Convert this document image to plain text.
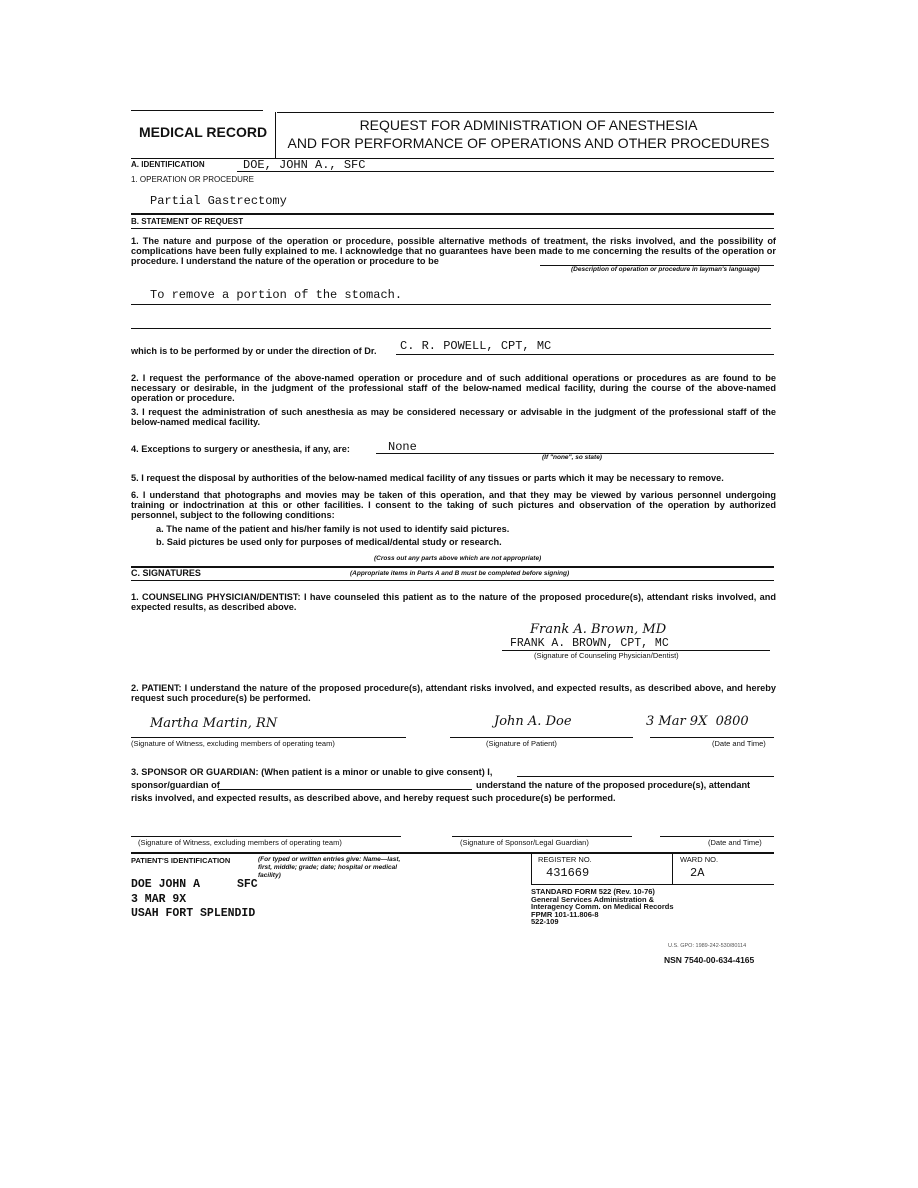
MEDICAL RECORD	REQUEST FOR ADMINISTRATION OF ANESTHESIA
AND FOR PERFORMANCE OF OPERATIONS AND OTHER PROCEDURES
A. IDENTIFICATION	DOE, JOHN A., SFC
1. OPERATION OR PROCEDURE
Partial Gastrectomy
B. STATEMENT OF REQUEST
1. The nature and purpose of the operation or procedure, possible alternative methods of treatment, the risks involved, and the possibility of complications have been fully explained to me. I acknowledge that no guarantees have been made to me concerning the results of the operation or procedure. I understand the nature of the operation or procedure to be
(Description of operation or procedure in layman's language)
To remove a portion of the stomach.
which is to be performed by or under the direction of Dr. C. R. POWELL, CPT, MC
2. I request the performance of the above-named operation or procedure and of such additional operations or procedures as are found to be necessary or desirable, in the judgment of the professional staff of the below-named medical facility, during the course of the above-named operation or procedure.
3. I request the administration of such anesthesia as may be considered necessary or advisable in the judgment of the professional staff of the below-named medical facility.
4. Exceptions to surgery or anesthesia, if any, are:	None
(If "none", so state)
5. I request the disposal by authorities of the below-named medical facility of any tissues or parts which it may be necessary to remove.
6. I understand that photographs and movies may be taken of this operation, and that they may be viewed by various personnel undergoing training or indoctrination at this or other facilities. I consent to the taking of such pictures and observation of the operation by authorized personnel, subject to the following conditions:
a. The name of the patient and his/her family is not used to identify said pictures.
b. Said pictures be used only for purposes of medical/dental study or research.
(Cross out any parts above which are not appropriate)
C. SIGNATURES	(Appropriate items in Parts A and B must be completed before signing)
1. COUNSELING PHYSICIAN/DENTIST: I have counseled this patient as to the nature of the proposed procedure(s), attendant risks involved, and expected results, as described above.
Frank A. Brown, MD
FRANK A. BROWN, CPT, MC
(Signature of Counseling Physician/Dentist)
2. PATIENT: I understand the nature of the proposed procedure(s), attendant risks involved, and expected results, as described above, and hereby request such procedure(s) be performed.
Martha Martin, RN	John A. Doe	3 Mar 9X  0800
(Signature of Witness, excluding members of operating team)	(Signature of Patient)	(Date and Time)
3. SPONSOR OR GUARDIAN: (When patient is a minor or unable to give consent) I,
sponsor/guardian of	understand the nature of the proposed procedure(s), attendant
risks involved, and expected results, as described above, and hereby request such procedure(s) be performed.
(Signature of Witness, excluding members of operating team)	(Signature of Sponsor/Legal Guardian)	(Date and Time)
PATIENT'S IDENTIFICATION	(For typed or written entries give: Name—last, first, middle; grade; date; hospital or medical facility)
DOE JOHN A	SFC
3 MAR 9X
USAH FORT SPLENDID
REGISTER NO.
431669
WARD NO.
2A
STANDARD FORM 522 (Rev. 10-76)
General Services Administration &
Interagency Comm. on Medical Records
FPMR 101-11.806-8
522-109
U.S. GPO: 1989-242-530/80114
NSN 7540-00-634-4165
